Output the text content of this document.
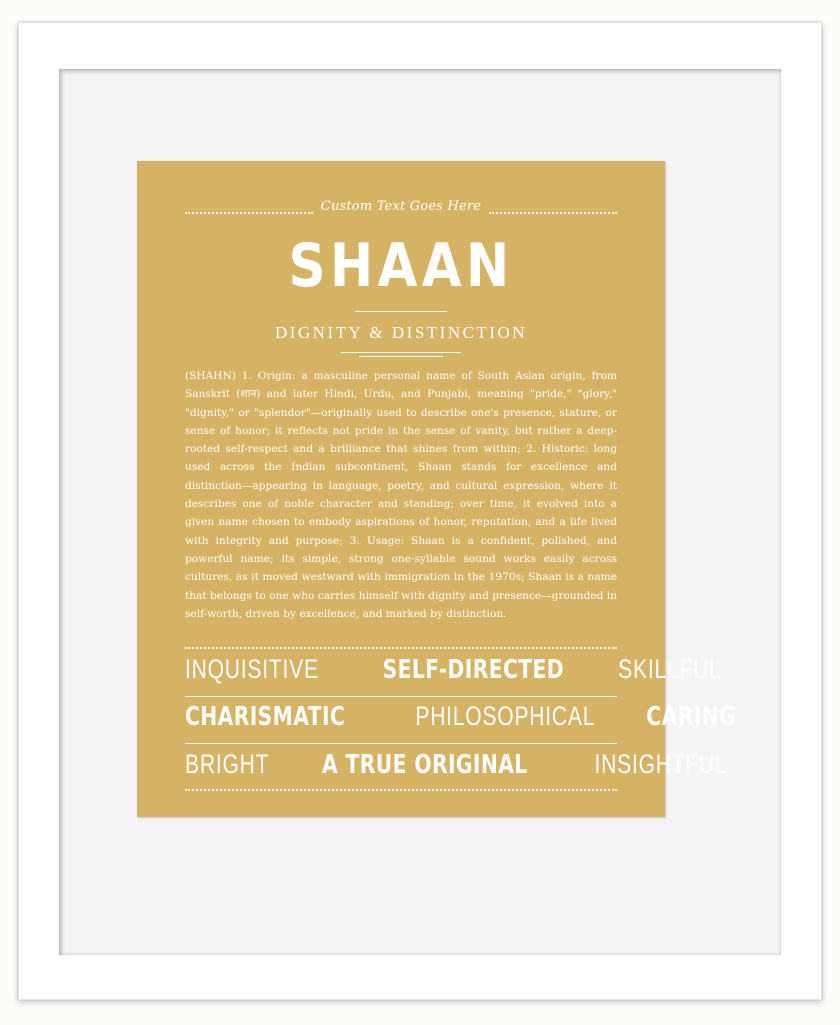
Custom Text Goes Here
SHAAN
DIGNITY & DISTINCTION
(SHAHN) 1. Origin: a masculine personal name of South Asian origin, from Sanskrit (शान) and later Hindi, Urdu, and Punjabi, meaning "pride," "glory," "dignity," or "splendor"—originally used to describe one's presence, stature, or sense of honor; it reflects not pride in the sense of vanity, but rather a deep-rooted self-respect and a brilliance that shines from within; 2. Historic: long used across the Indian subcontinent, Shaan stands for excellence and distinction—appearing in language, poetry, and cultural expression, where it describes one of noble character and standing; over time, it evolved into a given name chosen to embody aspirations of honor, reputation, and a life lived with integrity and purpose; 3. Usage: Shaan is a confident, polished, and powerful name; its simple, strong one-syllable sound works easily across cultures, as it moved westward with immigration in the 1970s; Shaan is a name that belongs to one who carries himself with dignity and presence—grounded in self-worth, driven by excellence, and marked by distinction.
INQUISITIVE SELF-DIRECTED SKILLFUL
CHARISMATIC	PHILOSOPHICAL CARING
BRIGHT A TRUE ORIGINAL INSIGHTFUL
